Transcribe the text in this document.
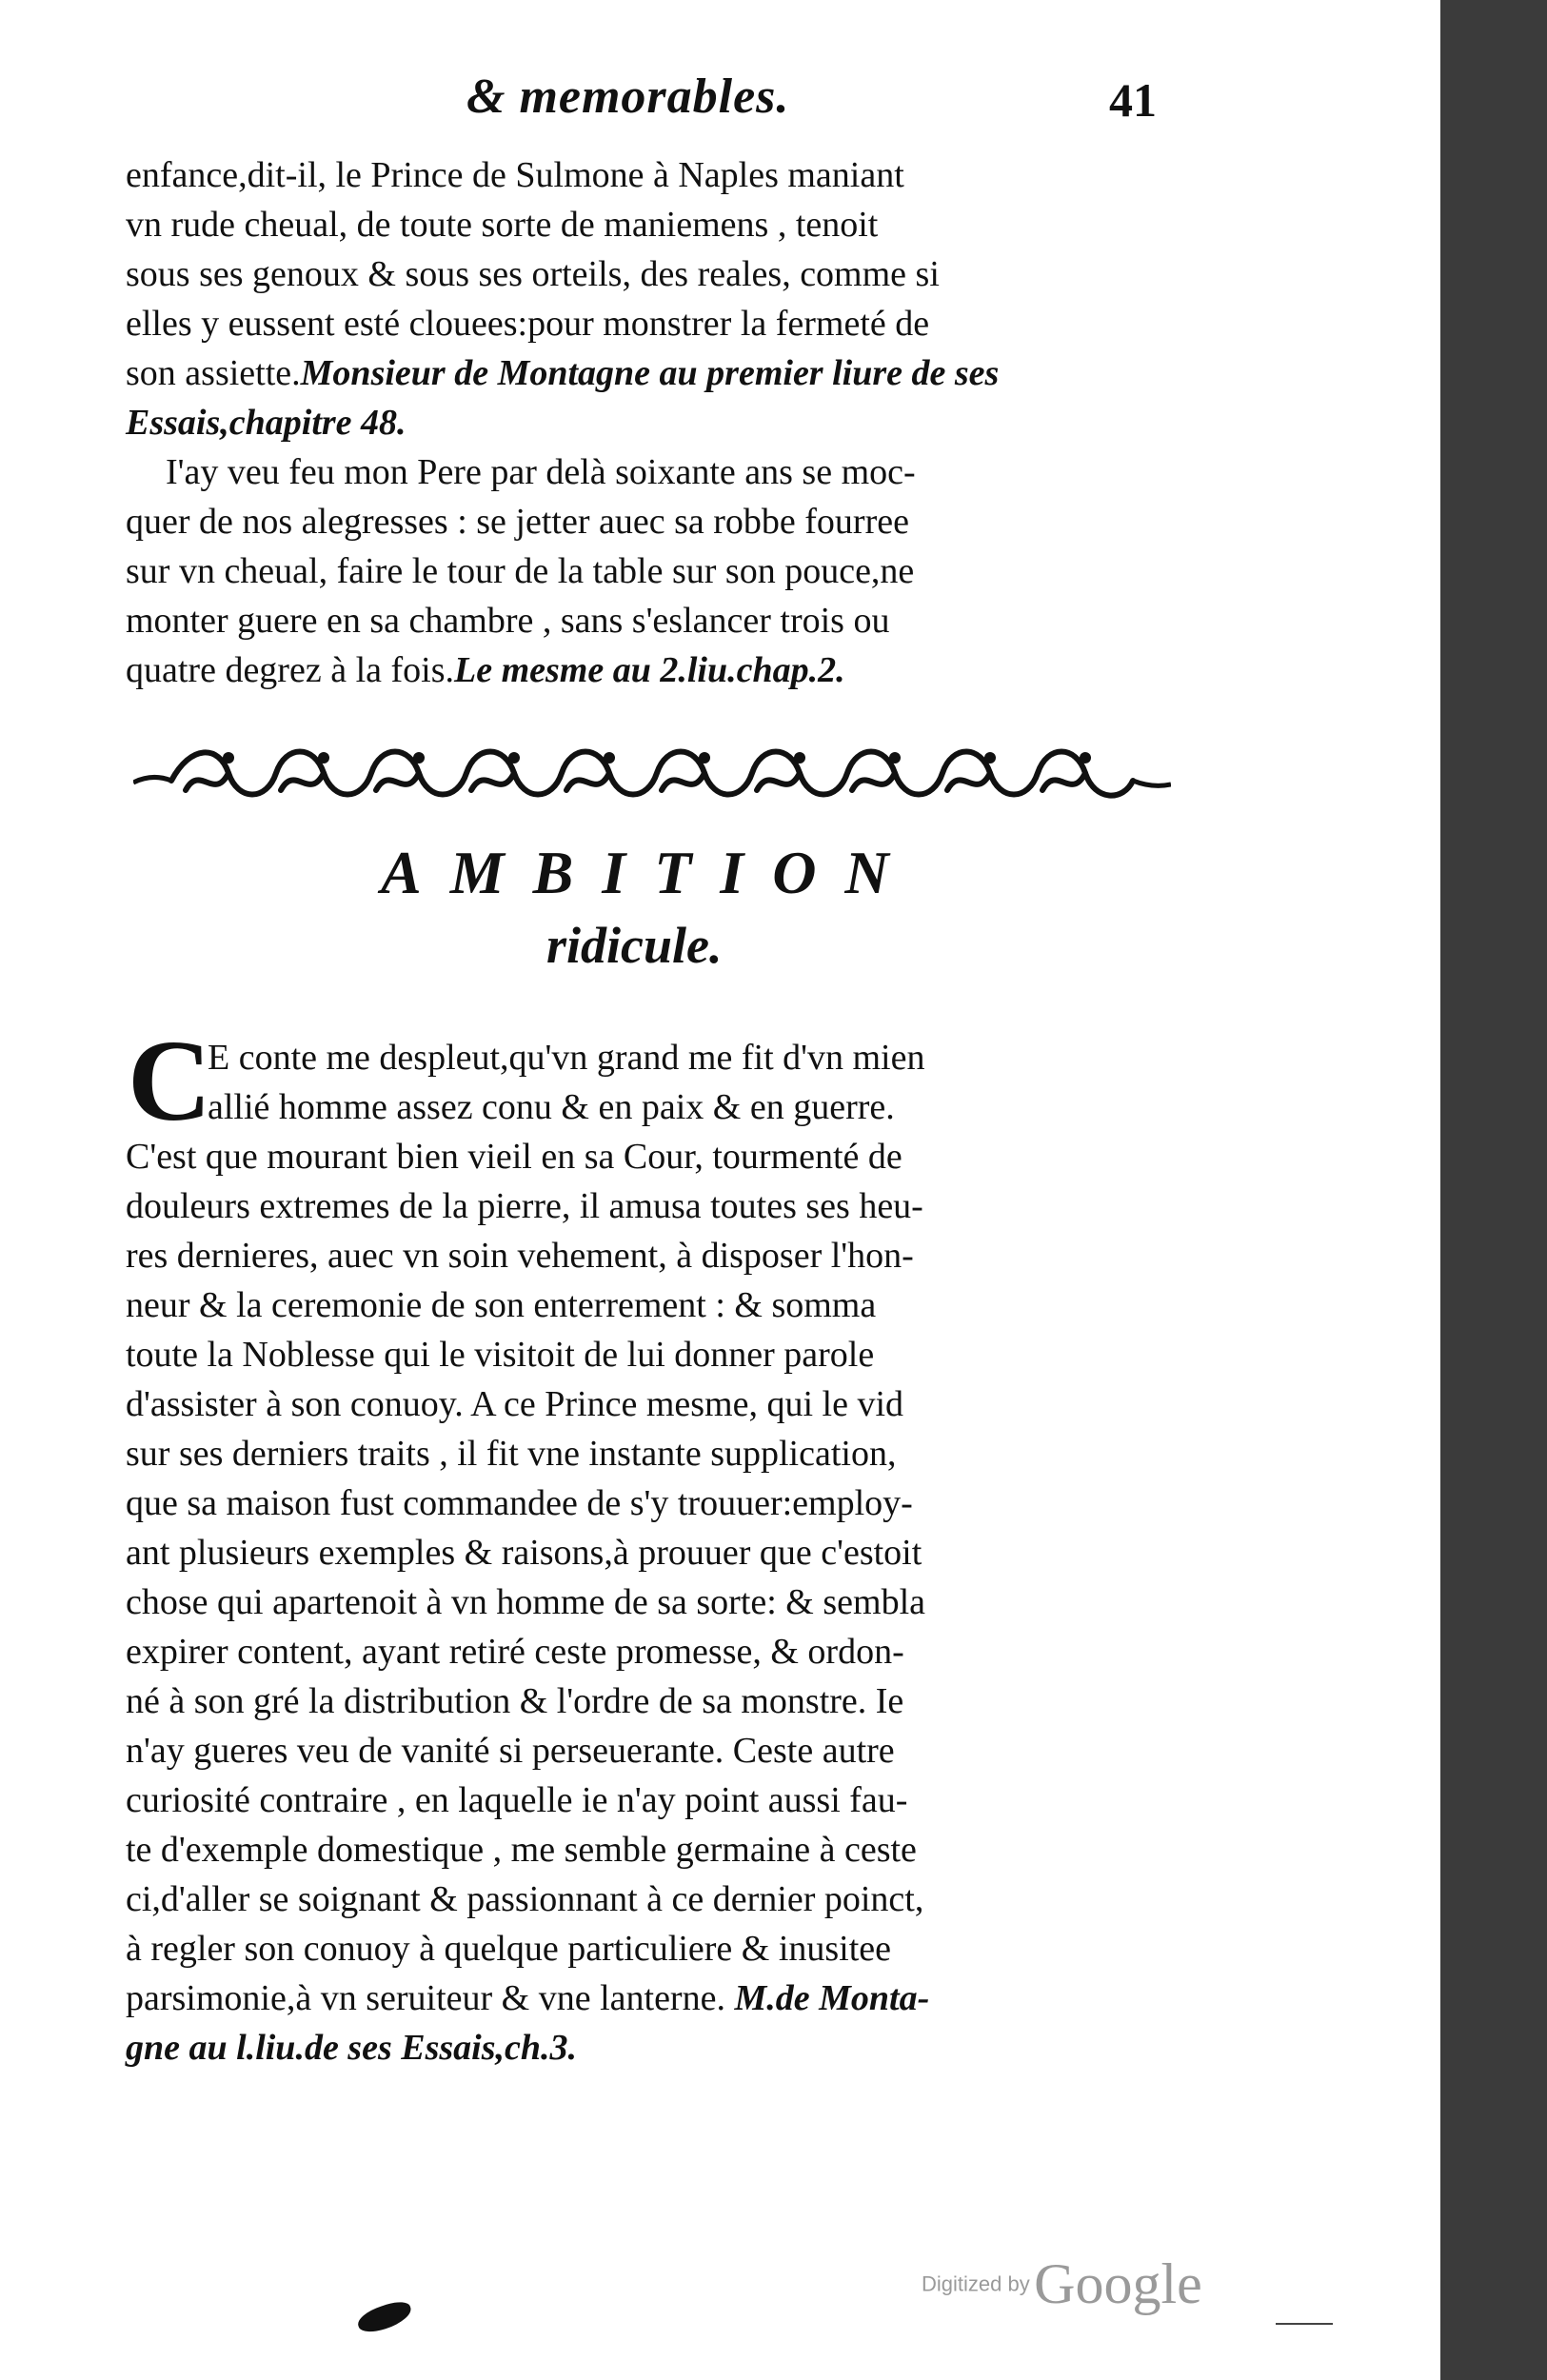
& memorables.	41
enfance,dit-il, le Prince de Sulmone à Naples maniant
vn rude cheual, de toute sorte de maniemens , tenoit
sous ses genoux & sous ses orteils, des reales, comme si
elles y eussent esté clouees:pour monstrer la fermeté de
son assiette.Monsieur de Montagne au premier liure de ses
Essais,chapitre 48.
I'ay veu feu mon Pere par delà soixante ans se moc-
quer de nos alegresses : se jetter auec sa robbe fourree
sur vn cheual, faire le tour de la table sur son pouce,ne
monter guere en sa chambre , sans s'eslancer trois ou
quatre degrez à la fois.Le mesme au 2.liu.chap.2.
AMBITION
ridicule.
C
E conte me despleut,qu'vn grand me fit d'vn mien
allié homme assez conu & en paix & en guerre.
C'est que mourant bien vieil en sa Cour, tourmenté de
douleurs extremes de la pierre, il amusa toutes ses heu-
res dernieres, auec vn soin vehement, à disposer l'hon-
neur & la ceremonie de son enterrement : & somma
toute la Noblesse qui le visitoit de lui donner parole
d'assister à son conuoy. A ce Prince mesme, qui le vid
sur ses derniers traits , il fit vne instante supplication,
que sa maison fust commandee de s'y trouuer:employ-
ant plusieurs exemples & raisons,à prouuer que c'estoit
chose qui apartenoit à vn homme de sa sorte: & sembla
expirer content, ayant retiré ceste promesse, & ordon-
né à son gré la distribution & l'ordre de sa monstre. Ie
n'ay gueres veu de vanité si perseuerante. Ceste autre
curiosité contraire , en laquelle ie n'ay point aussi fau-
te d'exemple domestique , me semble germaine à ceste
ci,d'aller se soignant & passionnant à ce dernier poinct,
à regler son conuoy à quelque particuliere & inusitee
parsimonie,à vn seruiteur & vne lanterne. M.de Monta-
gne au l.liu.de ses Essais,ch.3.
Digitized by Google
